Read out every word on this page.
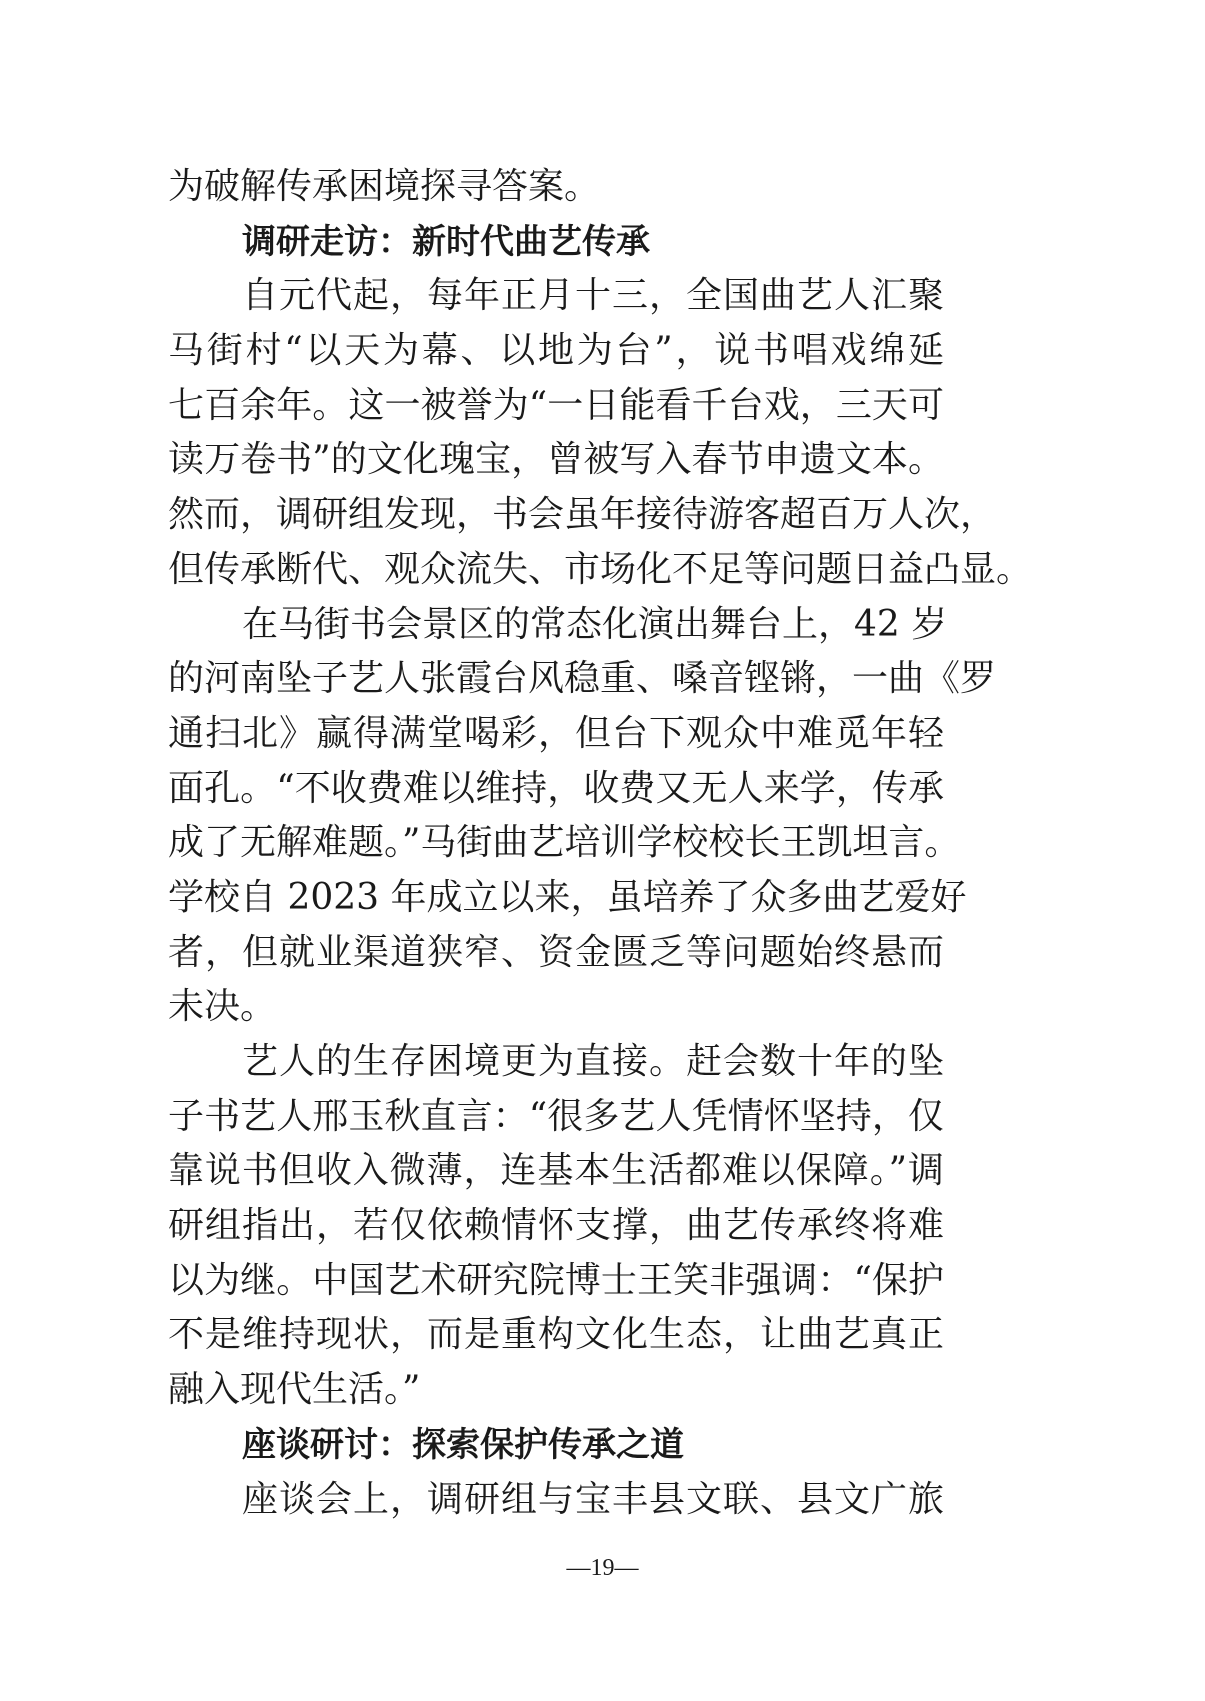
为破解传承困境探寻答案。
调研走访：新时代曲艺传承
自元代起，每年正月十三，全国曲艺人汇聚
马街村“以天为幕、以地为台”，说书唱戏绵延
七百余年。这一被誉为“一日能看千台戏，三天可
读万卷书”的文化瑰宝，曾被写入春节申遗文本。
然而，调研组发现，书会虽年接待游客超百万人次，
但传承断代、观众流失、市场化不足等问题日益凸显。
在马街书会景区的常态化演出舞台上，42 岁
的河南坠子艺人张霞台风稳重、嗓音铿锵，一曲《罗
通扫北》赢得满堂喝彩，但台下观众中难觅年轻
面孔。“不收费难以维持，收费又无人来学，传承
成了无解难题。”马街曲艺培训学校校长王凯坦言。
学校自 2023 年成立以来，虽培养了众多曲艺爱好
者，但就业渠道狭窄、资金匮乏等问题始终悬而
未决。
艺人的生存困境更为直接。赶会数十年的坠
子书艺人邢玉秋直言：“很多艺人凭情怀坚持，仅
靠说书但收入微薄，连基本生活都难以保障。”调
研组指出，若仅依赖情怀支撑，曲艺传承终将难
以为继。中国艺术研究院博士王笑非强调：“保护
不是维持现状，而是重构文化生态，让曲艺真正
融入现代生活。”
座谈研讨：探索保护传承之道
座谈会上，调研组与宝丰县文联、县文广旅
—19—
